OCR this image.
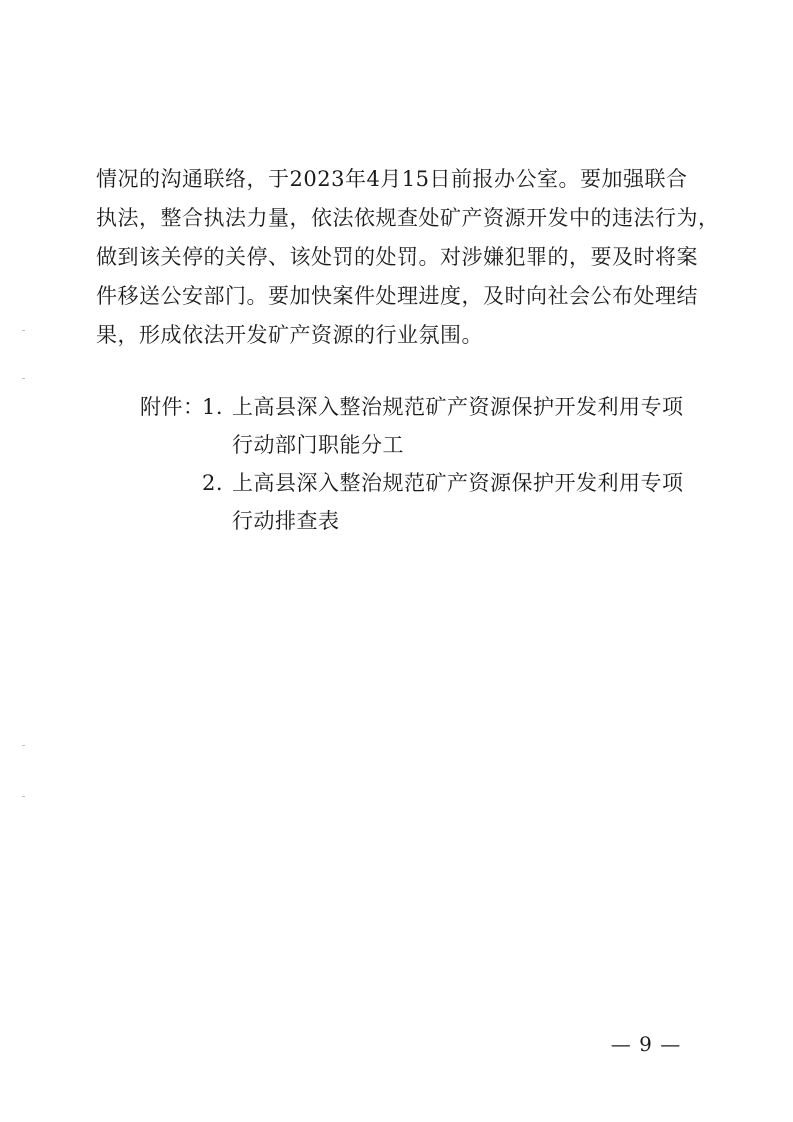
情况的沟通联络，于2023年4月15日前报办公室。要加强联合
执法，整合执法力量，依法依规查处矿产资源开发中的违法行为，
做到该关停的关停、该处罚的处罚。对涉嫌犯罪的，要及时将案
件移送公安部门。要加快案件处理进度，及时向社会公布处理结
果，形成依法开发矿产资源的行业氛围。
附件：
1. 上高县深入整治规范矿产资源保护开发利用专项
行动部门职能分工
2. 上高县深入整治规范矿产资源保护开发利用专项
行动排查表
— 9 —
